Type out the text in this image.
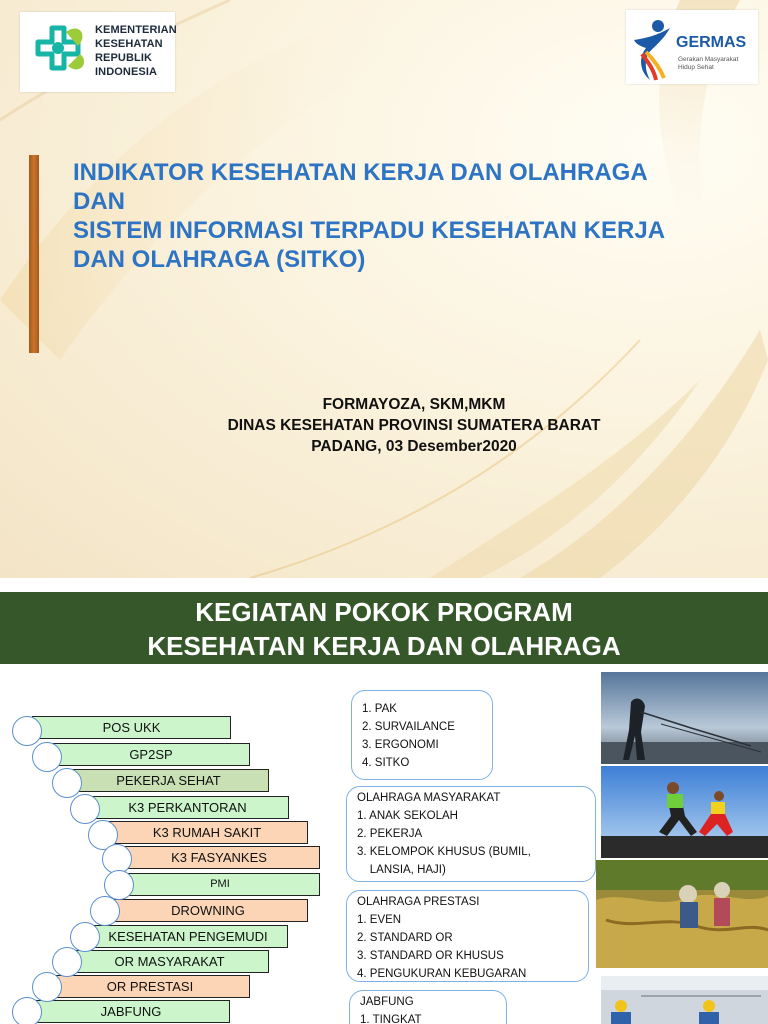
KEMENTERIAN
KESEHATAN
REPUBLIK
INDONESIA
GERMAS
Gerakan Masyarakat
Hidup Sehat
INDIKATOR KESEHATAN KERJA DAN OLAHRAGA
DAN
SISTEM INFORMASI TERPADU KESEHATAN KERJA
DAN OLAHRAGA (SITKO)
FORMAYOZA, SKM,MKM
DINAS KESEHATAN PROVINSI SUMATERA BARAT
PADANG, 03 Desember2020
KEGIATAN POKOK PROGRAM
KESEHATAN KERJA DAN OLAHRAGA
POS UKK
GP2SP
PEKERJA SEHAT
K3 PERKANTORAN
K3 RUMAH SAKIT
K3 FASYANKES
PMI
DROWNING
KESEHATAN PENGEMUDI
OR MASYARAKAT
OR PRESTASI
JABFUNG
1. PAK
2. SURVAILANCE
3. ERGONOMI
4. SITKO
OLAHRAGA MASYARAKAT
1. ANAK SEKOLAH
2. PEKERJA
3. KELOMPOK KHUSUS (BUMIL,
LANSIA, HAJI)
OLAHRAGA PRESTASI
1. EVEN
2. STANDARD OR
3. STANDARD OR KHUSUS
4. PENGUKURAN KEBUGARAN
JABFUNG
1. TINGKAT
